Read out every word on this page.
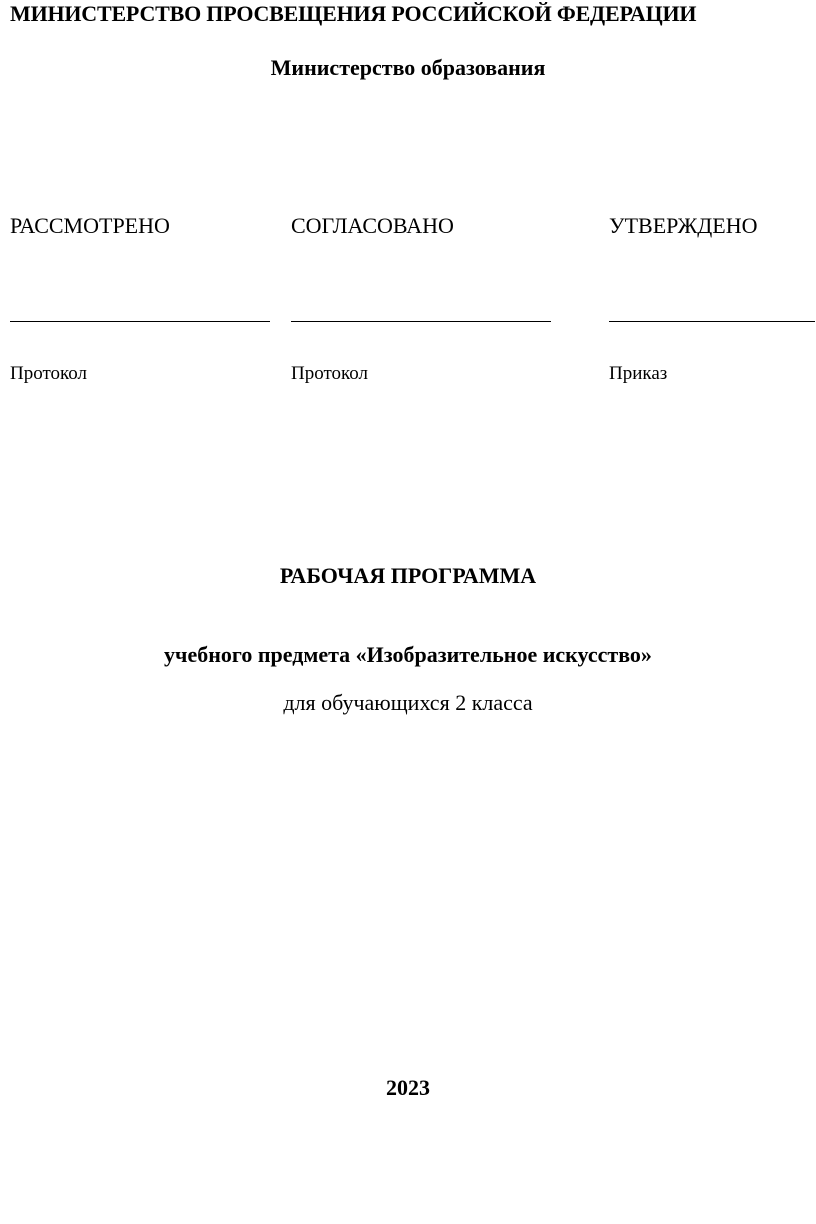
МИНИСТЕРСТВО ПРОСВЕЩЕНИЯ РОССИЙСКОЙ ФЕДЕРАЦИИ
Министерство образования
РАССМОТРЕНО
Протокол
СОГЛАСОВАНО
Протокол
УТВЕРЖДЕНО
Приказ
РАБОЧАЯ ПРОГРАММА
учебного предмета «Изобразительное искусство»
для обучающихся 2 класса
2023
